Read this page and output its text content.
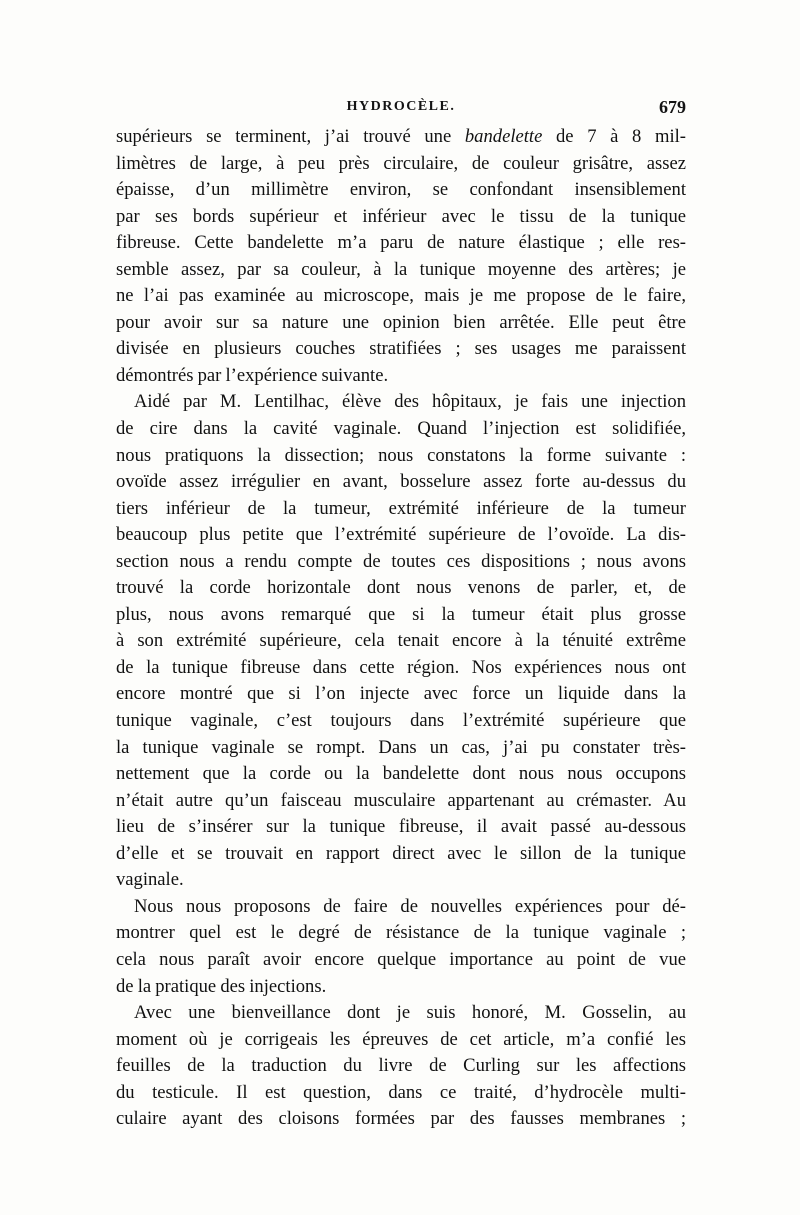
HYDROCÈLE.	679
supérieurs se terminent, j’ai trouvé une bandelette de 7 à 8 mil-
limètres de large, à peu près circulaire, de couleur grisâtre, assez
épaisse, d’un millimètre environ, se confondant insensiblement
par ses bords supérieur et inférieur avec le tissu de la tunique
fibreuse. Cette bandelette m’a paru de nature élastique ; elle res-
semble assez, par sa couleur, à la tunique moyenne des artères; je
ne l’ai pas examinée au microscope, mais je me propose de le faire,
pour avoir sur sa nature une opinion bien arrêtée. Elle peut être
divisée en plusieurs couches stratifiées ; ses usages me paraissent
démontrés par l’expérience suivante.
Aidé par M. Lentilhac, élève des hôpitaux, je fais une injection
de cire dans la cavité vaginale. Quand l’injection est solidifiée,
nous pratiquons la dissection; nous constatons la forme suivante :
ovoïde assez irrégulier en avant, bosselure assez forte au-dessus du
tiers inférieur de la tumeur, extrémité inférieure de la tumeur
beaucoup plus petite que l’extrémité supérieure de l’ovoïde. La dis-
section nous a rendu compte de toutes ces dispositions ; nous avons
trouvé la corde horizontale dont nous venons de parler, et, de
plus, nous avons remarqué que si la tumeur était plus grosse
à son extrémité supérieure, cela tenait encore à la ténuité extrême
de la tunique fibreuse dans cette région. Nos expériences nous ont
encore montré que si l’on injecte avec force un liquide dans la
tunique vaginale, c’est toujours dans l’extrémité supérieure que
la tunique vaginale se rompt. Dans un cas, j’ai pu constater très-
nettement que la corde ou la bandelette dont nous nous occupons
n’était autre qu’un faisceau musculaire appartenant au crémaster. Au
lieu de s’insérer sur la tunique fibreuse, il avait passé au-dessous
d’elle et se trouvait en rapport direct avec le sillon de la tunique
vaginale.
Nous nous proposons de faire de nouvelles expériences pour dé-
montrer quel est le degré de résistance de la tunique vaginale ;
cela nous paraît avoir encore quelque importance au point de vue
de la pratique des injections.
Avec une bienveillance dont je suis honoré, M. Gosselin, au
moment où je corrigeais les épreuves de cet article, m’a confié les
feuilles de la traduction du livre de Curling sur les affections
du testicule. Il est question, dans ce traité, d’hydrocèle multi-
culaire ayant des cloisons formées par des fausses membranes ;
